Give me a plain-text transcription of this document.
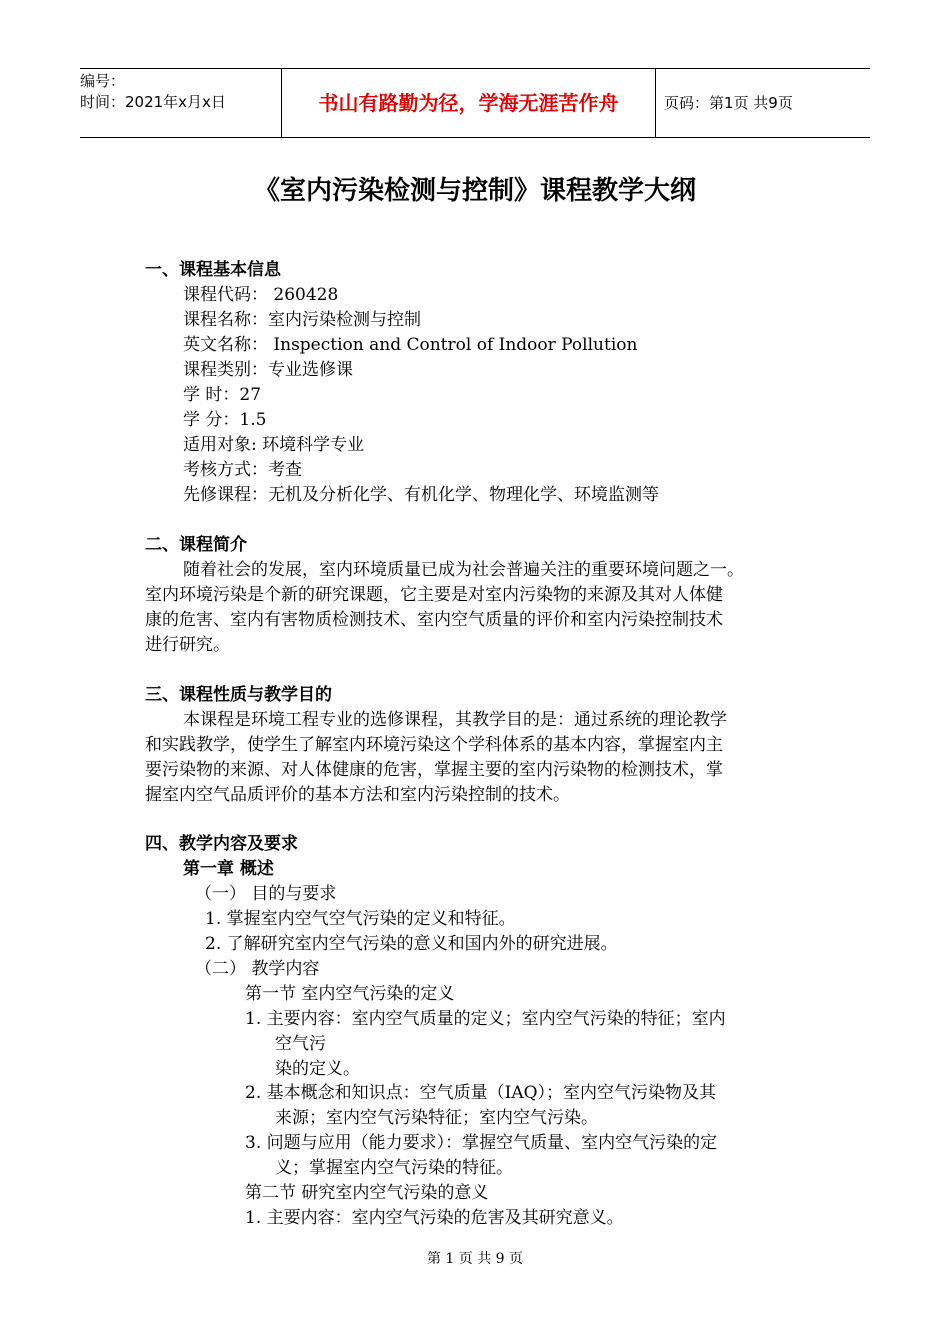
编号：
时间：2021年x月x日	书山有路勤为径，学海无涯苦作舟	页码：第1页 共9页
《室内污染检测与控制》课程教学大纲
一、课程基本信息
课程代码： 260428
课程名称：室内污染检测与控制
英文名称： Inspection and Control of Indoor Pollution
课程类别：专业选修课
学 时：27
学 分：1.5
适用对象: 环境科学专业
考核方式：考查
先修课程：无机及分析化学、有机化学、物理化学、环境监测等
二、课程简介
随着社会的发展，室内环境质量已成为社会普遍关注的重要环境问题之一。
室内环境污染是个新的研究课题，它主要是对室内污染物的来源及其对人体健
康的危害、室内有害物质检测技术、室内空气质量的评价和室内污染控制技术
进行研究。
三、课程性质与教学目的
本课程是环境工程专业的选修课程，其教学目的是：通过系统的理论教学
和实践教学，使学生了解室内环境污染这个学科体系的基本内容，掌握室内主
要污染物的来源、对人体健康的危害，掌握主要的室内污染物的检测技术，掌
握室内空气品质评价的基本方法和室内污染控制的技术。
四、教学内容及要求
第一章 概述
（一） 目的与要求
1. 掌握室内空气空气污染的定义和特征。
2. 了解研究室内空气污染的意义和国内外的研究进展。
（二） 教学内容
第一节 室内空气污染的定义
1. 主要内容：室内空气质量的定义；室内空气污染的特征；室内
空气污
染的定义。
2. 基本概念和知识点：空气质量（IAQ）；室内空气污染物及其
来源；室内空气污染特征；室内空气污染。
3. 问题与应用（能力要求）：掌握空气质量、室内空气污染的定
义；掌握室内空气污染的特征。
第二节 研究室内空气污染的意义
1. 主要内容：室内空气污染的危害及其研究意义。
第 1 页 共 9 页
